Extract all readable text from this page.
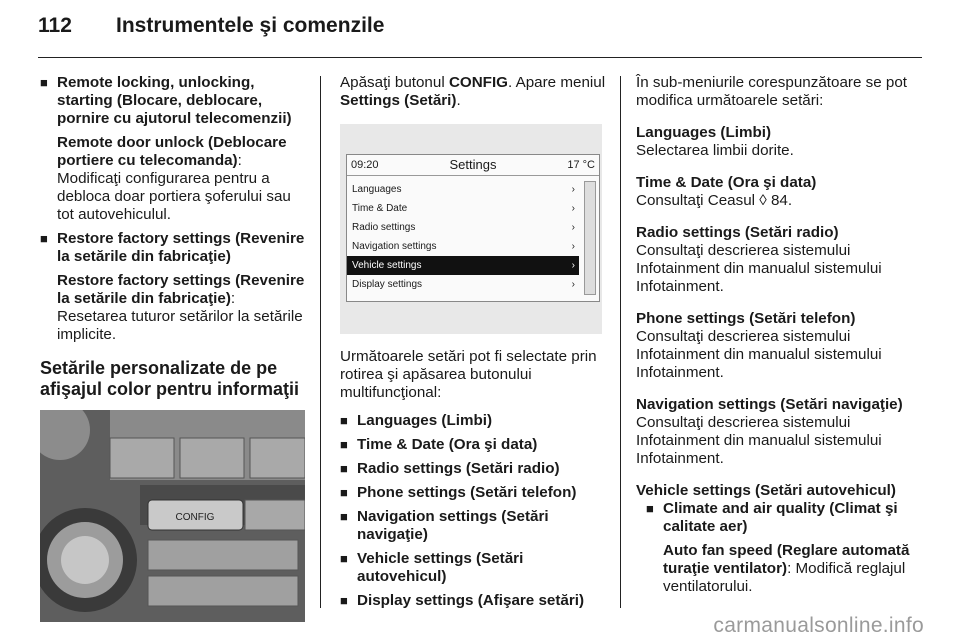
112 Instrumentele şi comenzile
■ Remote locking, unlocking, starting (Blocare, deblocare, pornire cu ajutorul telecomenzii)
Remote door unlock (Deblocare portiere cu telecomanda): Modificaţi configurarea pentru a debloca doar portiera şoferului sau tot autovehiculul.
■ Restore factory settings (Revenire la setările din fabricaţie)
Restore factory settings (Revenire la setările din fabricaţie): Resetarea tuturor setărilor la setările implicite.
Setările personalizate de pe afişajul color pentru informaţii
CONFIG
Apăsaţi butonul CONFIG. Apare meniul Settings (Setări).
09:20	Settings	17 °C
Languages	›
Time & Date	›
Radio settings	›
Navigation settings	›
Vehicle settings	›
Display settings	›
Următoarele setări pot fi selectate prin rotirea şi apăsarea butonului multifuncţional:
■ Languages (Limbi)
■ Time & Date (Ora şi data)
■ Radio settings (Setări radio)
■ Phone settings (Setări telefon)
■ Navigation settings (Setări navigaţie)
■ Vehicle settings (Setări autovehicul)
■ Display settings (Afişare setări)
În sub-meniurile corespunzătoare se pot modifica următoarele setări:
Languages (Limbi)
Selectarea limbii dorite.
Time & Date (Ora şi data)
Consultaţi Ceasul ◊ 84.
Radio settings (Setări radio)
Consultaţi descrierea sistemului Infotainment din manualul sistemului Infotainment.
Phone settings (Setări telefon)
Consultaţi descrierea sistemului Infotainment din manualul sistemului Infotainment.
Navigation settings (Setări navigaţie)
Consultaţi descrierea sistemului Infotainment din manualul sistemului Infotainment.
Vehicle settings (Setări autovehicul)
■ Climate and air quality (Climat şi calitate aer)
Auto fan speed (Reglare automată turaţie ventilator): Modifică reglajul ventilatorului.
carmanualsonline.info
